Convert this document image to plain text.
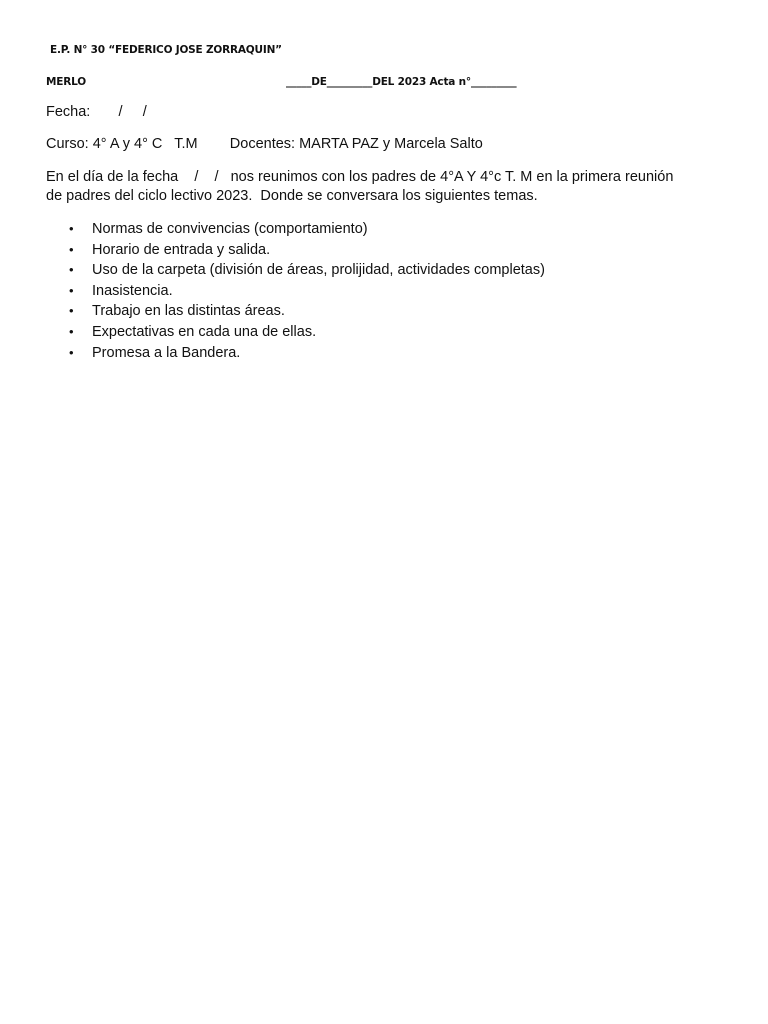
E.P. N° 30 “FEDERICO JOSE ZORRAQUIN”
MERLO	_____DE_________DEL 2023 Acta n°_________
Fecha:       /     /
Curso: 4° A y 4° C   T.M        Docentes: MARTA PAZ y Marcela Salto
En el día de la fecha    /    /   nos reunimos con los padres de 4°A Y 4°c T. M en la primera reunión
de padres del ciclo lectivo 2023.  Donde se conversara los siguientes temas.
• Normas de convivencias (comportamiento)
• Horario de entrada y salida.
• Uso de la carpeta (división de áreas, prolijidad, actividades completas)
• Inasistencia.
• Trabajo en las distintas áreas.
• Expectativas en cada una de ellas.
• Promesa a la Bandera.
